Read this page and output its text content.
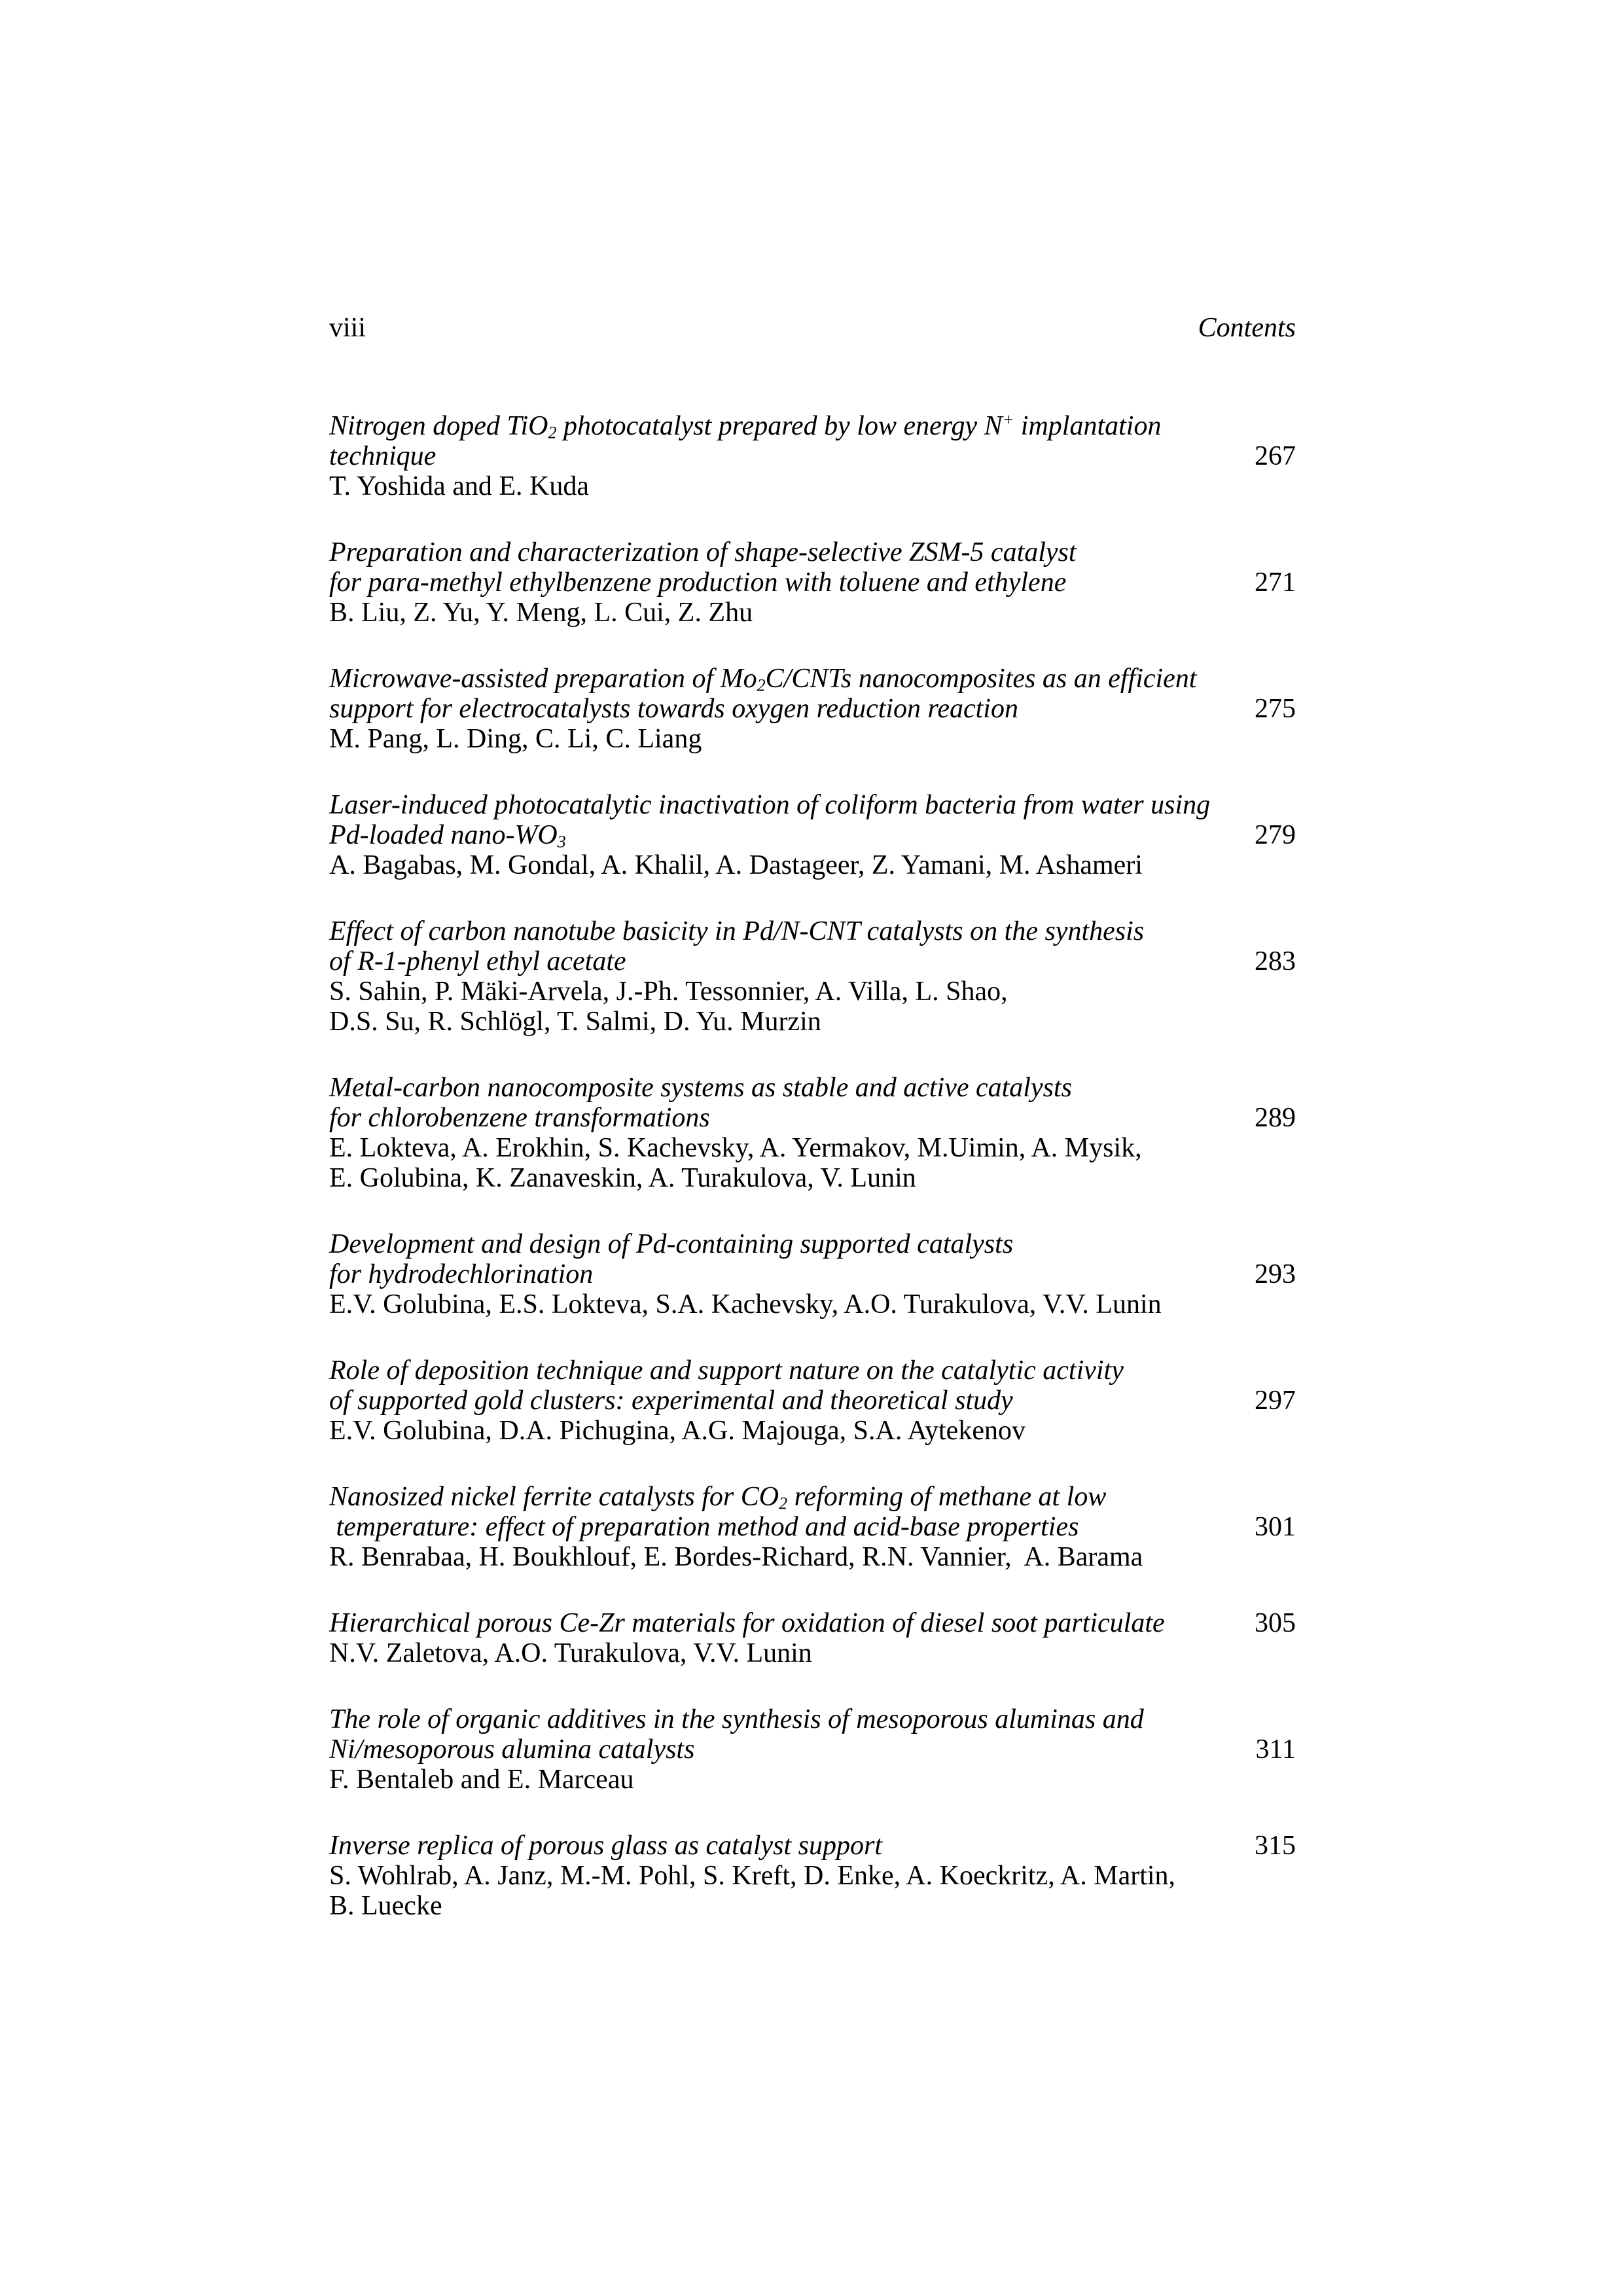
viii	Contents
Nitrogen doped TiO$_2$ photocatalyst prepared by low energy N+ implantation
technique	267
T. Yoshida and E. Kuda
Preparation and characterization of shape-selective ZSM-5 catalyst
for para-methyl ethylbenzene production with toluene and ethylene	271
B. Liu, Z. Yu, Y. Meng, L. Cui, Z. Zhu
Microwave-assisted preparation of $Mo_2C$/CNTs nanocomposites as an efficient
support for electrocatalysts towards oxygen reduction reaction	275
M. Pang, L. Ding, C. Li, C. Liang
Laser-induced photocatalytic inactivation of coliform bacteria from water using
Pd-loaded nano-$WO_3$	279
A. Bagabas, M. Gondal, A. Khalil, A. Dastageer, Z. Yamani, M. Ashameri
Effect of carbon nanotube basicity in Pd/N-CNT catalysts on the synthesis
of R-1-phenyl ethyl acetate	283
S. Sahin, P. Mäki-Arvela, J.-Ph. Tessonnier, A. Villa, L. Shao,
D.S. Su, R. Schlögl, T. Salmi, D. Yu. Murzin
Metal-carbon nanocomposite systems as stable and active catalysts
for chlorobenzene transformations	289
E. Lokteva, A. Erokhin, S. Kachevsky, A. Yermakov, M.Uimin, A. Mysik,
E. Golubina, K. Zanaveskin, A. Turakulova, V. Lunin
Development and design of Pd-containing supported catalysts
for hydrodechlorination	293
E.V. Golubina, E.S. Lokteva, S.A. Kachevsky, A.O. Turakulova, V.V. Lunin
Role of deposition technique and support nature on the catalytic activity
of supported gold clusters: experimental and theoretical study	297
E.V. Golubina, D.A. Pichugina, A.G. Majouga, S.A. Aytekenov
Nanosized nickel ferrite catalysts for $CO_2$ reforming of methane at low
temperature: effect of preparation method and acid-base properties	301
R. Benrabaa, H. Boukhlouf, E. Bordes-Richard, R.N. Vannier,  A. Barama
Hierarchical porous Ce-Zr materials for oxidation of diesel soot particulate	305
N.V. Zaletova, A.O. Turakulova, V.V. Lunin
The role of organic additives in the synthesis of mesoporous aluminas and
Ni/mesoporous alumina catalysts	311
F. Bentaleb and E. Marceau
Inverse replica of porous glass as catalyst support	315
S. Wohlrab, A. Janz, M.-M. Pohl, S. Kreft, D. Enke, A. Koeckritz, A. Martin,
B. Luecke
